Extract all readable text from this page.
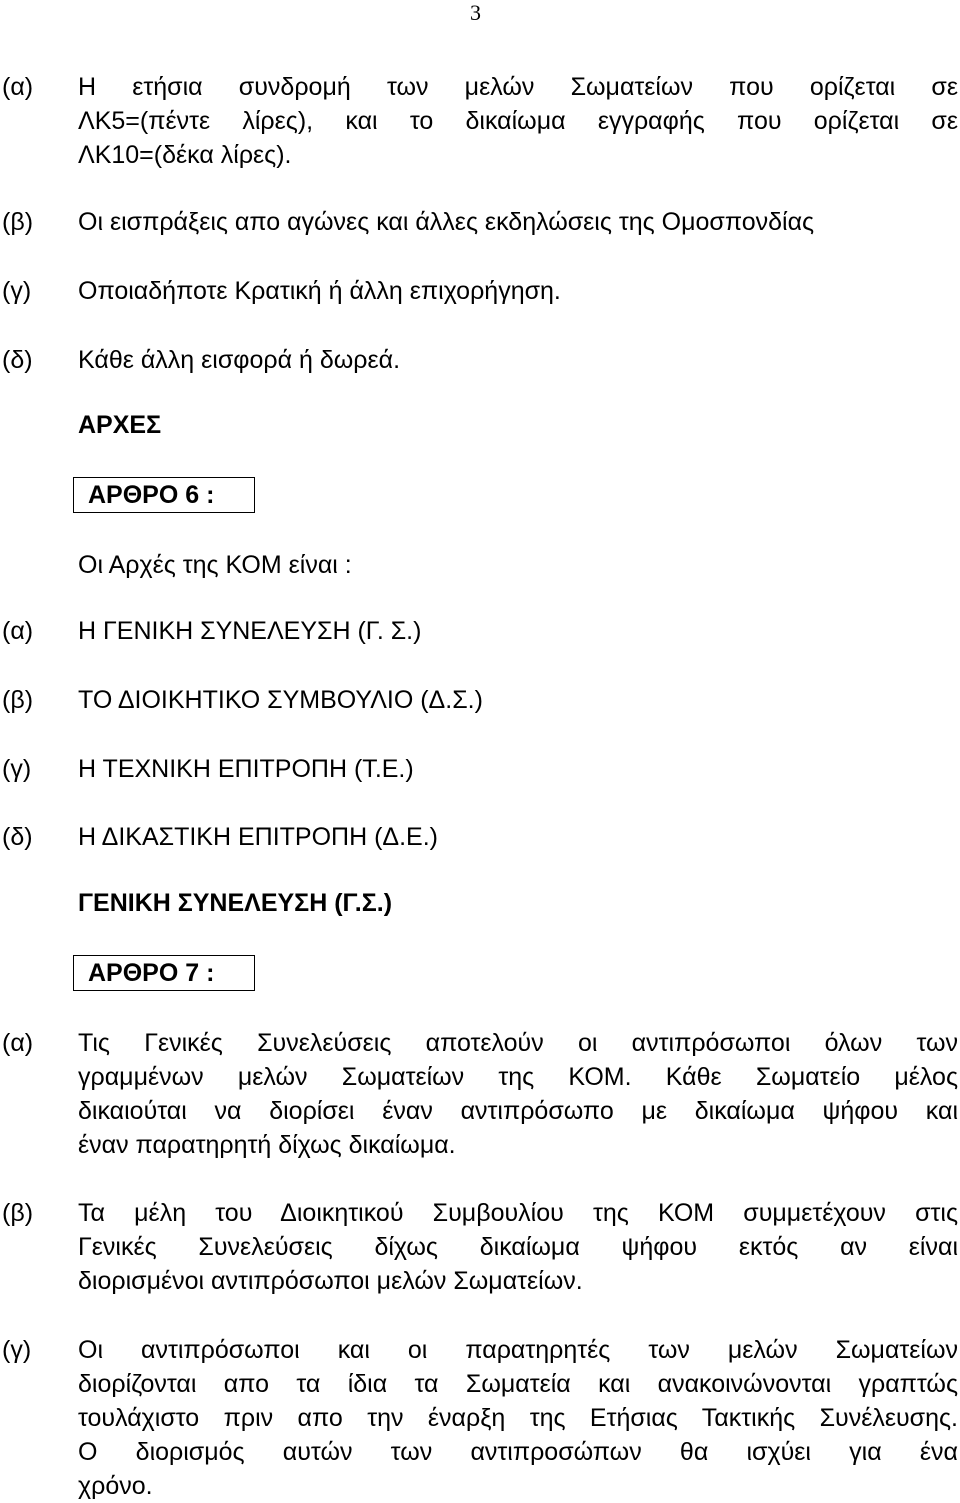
3
(α) Η ετήσια συνδρομή των μελών Σωματείων που ορίζεται σε
ΛΚ5=(πέντε λίρες), και το δικαίωμα εγγραφής που ορίζεται σε
ΛΚ10=(δέκα λίρες).
(β) Οι εισπράξεις απο αγώνες και άλλες εκδηλώσεις της Ομοσπονδίας
(γ) Οποιαδήποτε Κρατική ή άλλη επιχορήγηση.
(δ) Κάθε άλλη εισφορά ή δωρεά.
ΑΡΧΕΣ
ΑΡΘΡΟ 6 :
Οι Αρχές της ΚΟΜ είναι :
(α) Η ΓΕΝΙΚΗ ΣΥΝΕΛΕΥΣΗ (Γ. Σ.)
(β) ΤΟ ΔΙΟΙΚΗΤΙΚΟ ΣΥΜΒΟΥΛΙΟ (Δ.Σ.)
(γ) Η ΤΕΧΝΙΚΗ ΕΠΙΤΡΟΠΗ (Τ.Ε.)
(δ) Η ΔΙΚΑΣΤΙΚΗ ΕΠΙΤΡΟΠΗ (Δ.Ε.)
ΓΕΝΙΚΗ ΣΥΝΕΛΕΥΣΗ (Γ.Σ.)
ΑΡΘΡΟ 7 :
(α) Τις Γενικές Συνελεύσεις αποτελούν οι αντιπρόσωποι όλων των
γραμμένων μελών Σωματείων της ΚΟΜ. Κάθε Σωματείο μέλος
δικαιούται να διορίσει έναν αντιπρόσωπο με δικαίωμα ψήφου και
έναν παρατηρητή δίχως δικαίωμα.
(β) Τα μέλη του Διοικητικού Συμβουλίου της ΚΟΜ συμμετέχουν στις
Γενικές Συνελεύσεις δίχως δικαίωμα ψήφου εκτός αν είναι
διορισμένοι αντιπρόσωποι μελών Σωματείων.
(γ) Οι αντιπρόσωποι και οι παρατηρητές των μελών Σωματείων
διορίζονται απο τα ίδια τα Σωματεία και ανακοινώνονται γραπτώς
τουλάχιστο πριν απο την έναρξη της Ετήσιας Τακτικής Συνέλευσης.
Ο διορισμός αυτών των αντιπροσώπων θα ισχύει για ένα
χρόνο.
